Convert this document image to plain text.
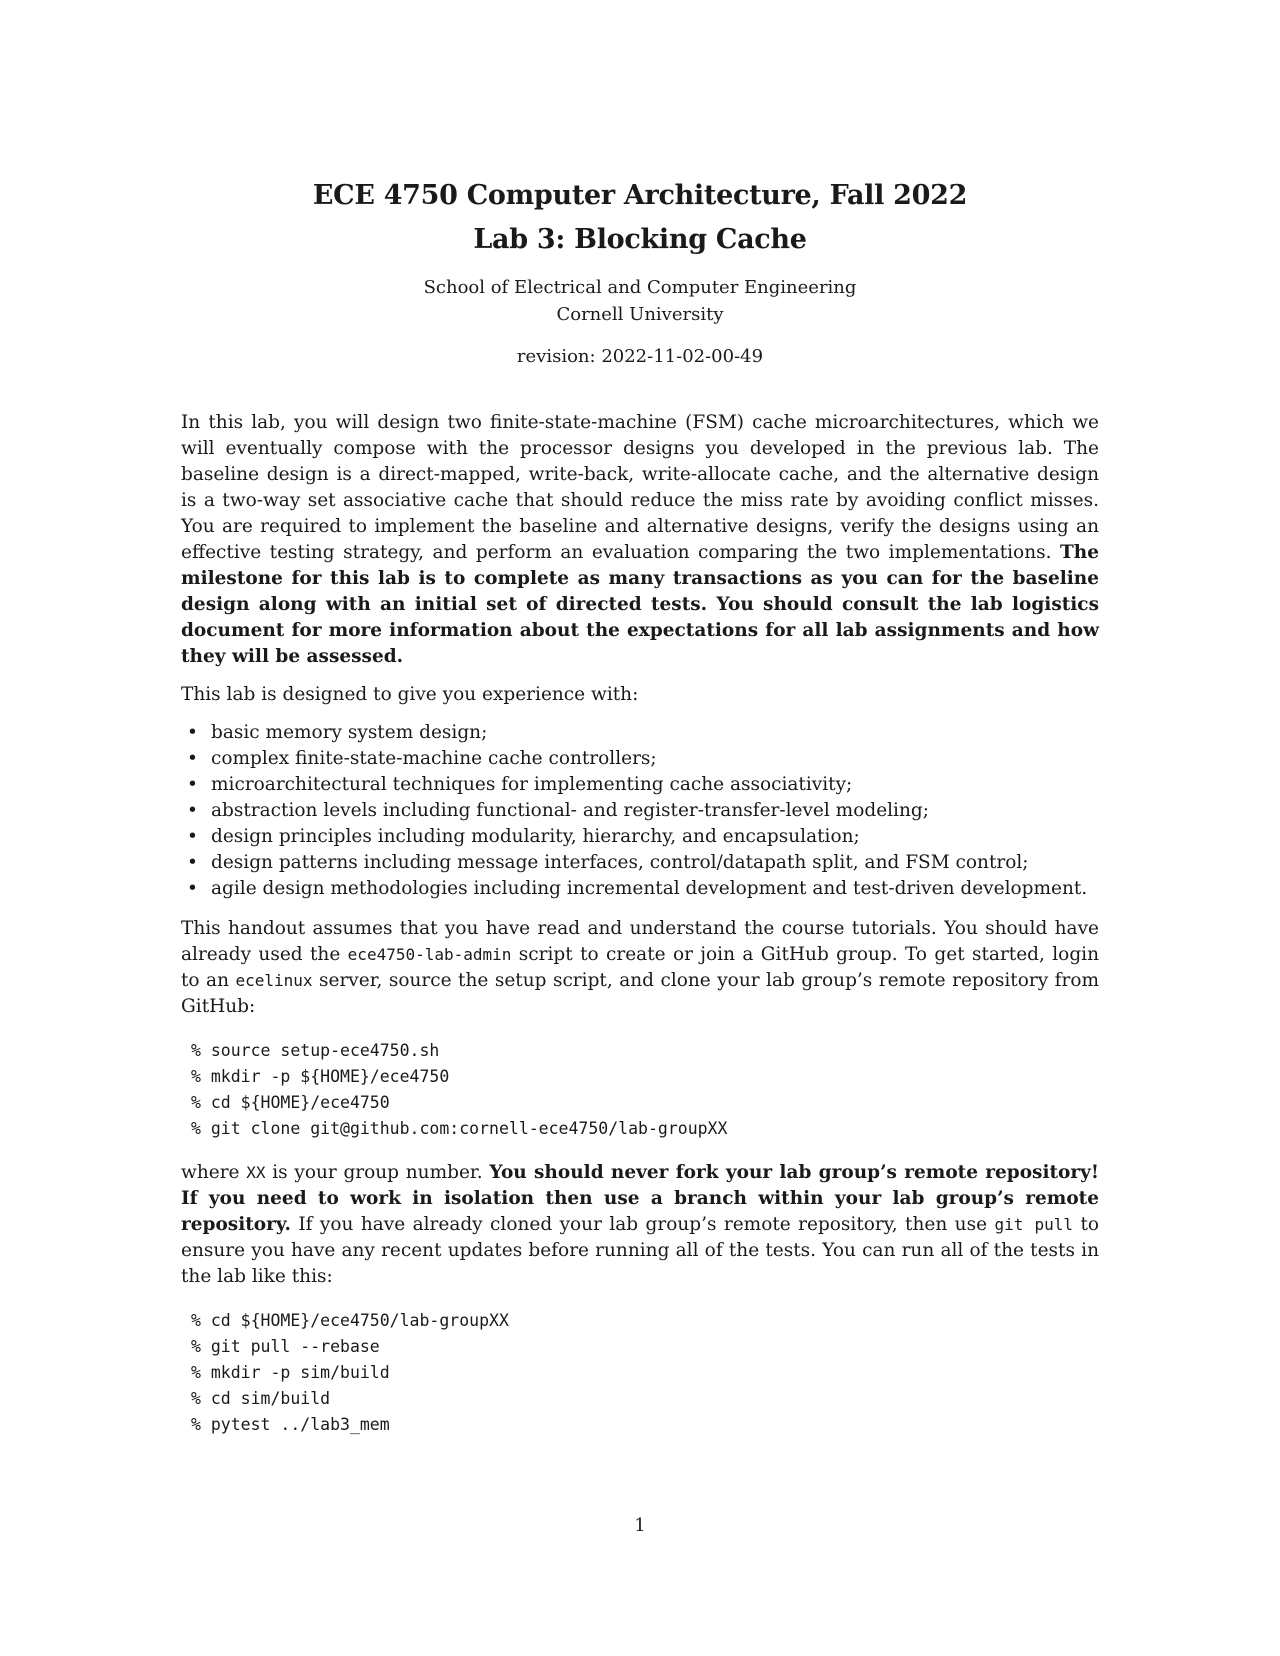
ECE 4750 Computer Architecture, Fall 2022
Lab 3: Blocking Cache
School of Electrical and Computer Engineering
Cornell University
revision: 2022-11-02-00-49

In this lab, you will design two finite-state-machine (FSM) cache microarchitectures, which we will eventually compose with the processor designs you developed in the previous lab. The baseline design is a direct-mapped, write-back, write-allocate cache, and the alternative design is a two-way set associative cache that should reduce the miss rate by avoiding conflict misses. You are required to implement the baseline and alternative designs, verify the designs using an effective testing strategy, and perform an evaluation comparing the two implementations. The milestone for this lab is to complete as many transactions as you can for the baseline design along with an initial set of directed tests. You should consult the lab logistics document for more information about the expectations for all lab assignments and how they will be assessed.

This lab is designed to give you experience with:

• basic memory system design;
• complex finite-state-machine cache controllers;
• microarchitectural techniques for implementing cache associativity;
• abstraction levels including functional- and register-transfer-level modeling;
• design principles including modularity, hierarchy, and encapsulation;
• design patterns including message interfaces, control/datapath split, and FSM control;
• agile design methodologies including incremental development and test-driven development.

This handout assumes that you have read and understand the course tutorials. You should have already used the ece4750-lab-admin script to create or join a GitHub group. To get started, login to an ecelinux server, source the setup script, and clone your lab group’s remote repository from GitHub:

% source setup-ece4750.sh
% mkdir -p ${HOME}/ece4750
% cd ${HOME}/ece4750
% git clone git@github.com:cornell-ece4750/lab-groupXX

where XX is your group number. You should never fork your lab group’s remote repository! If you need to work in isolation then use a branch within your lab group’s remote repository. If you have already cloned your lab group’s remote repository, then use git pull to ensure you have any recent updates before running all of the tests. You can run all of the tests in the lab like this:

% cd ${HOME}/ece4750/lab-groupXX
% git pull --rebase
% mkdir -p sim/build
% cd sim/build
% pytest ../lab3_mem
1
